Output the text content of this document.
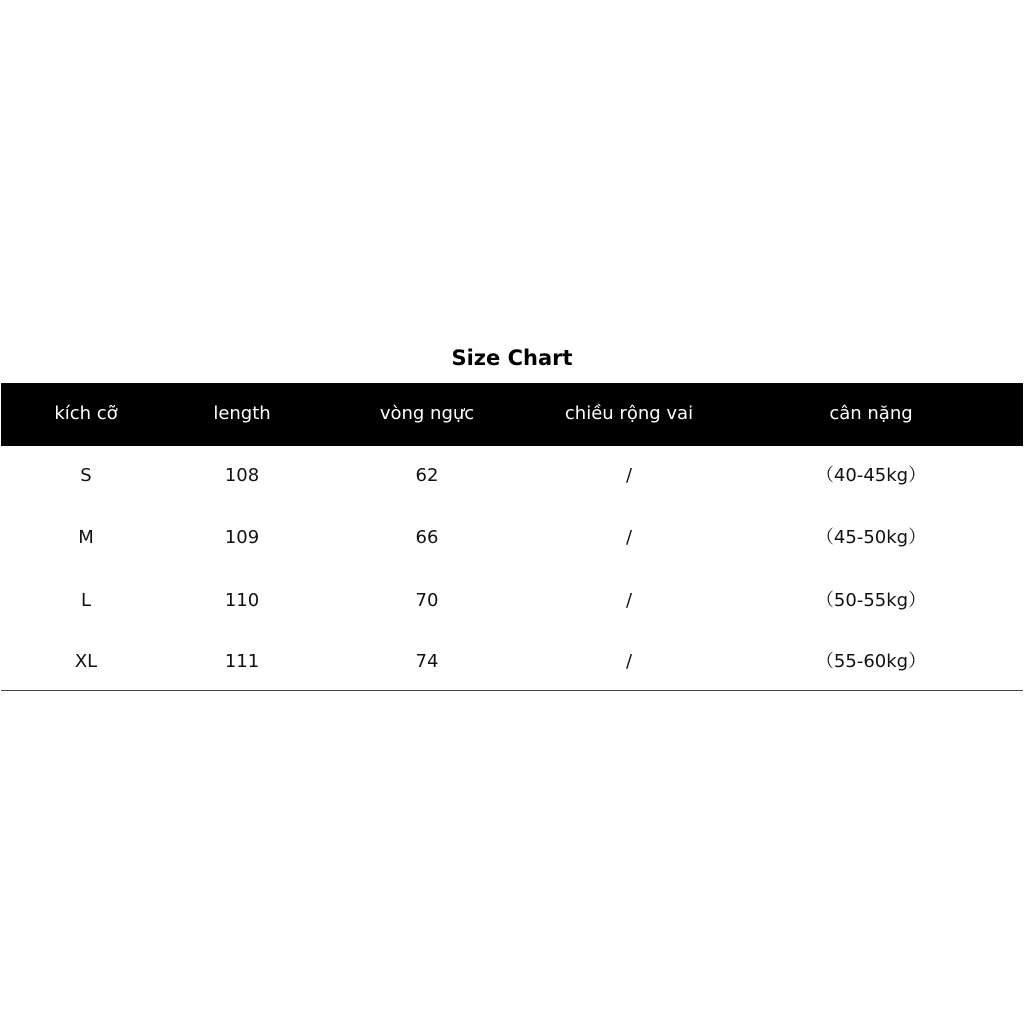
Size Chart
kích cỡ	length	vòng ngực	chiều rộng vai	cân nặng
S	108	62	/	（40-45kg）
M	109	66	/	（45-50kg）
L	110	70	/	（50-55kg）
XL	111	74	/	（55-60kg）
